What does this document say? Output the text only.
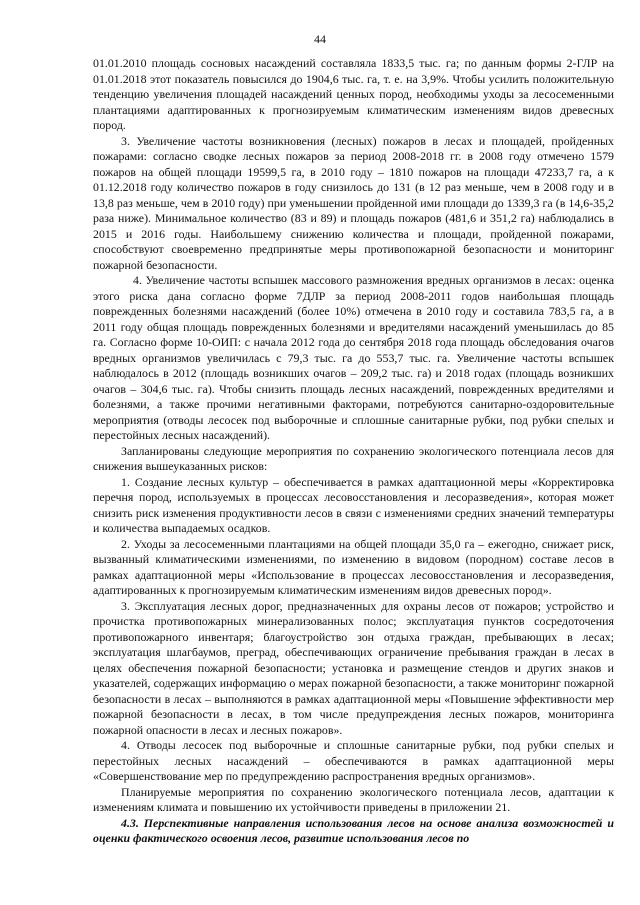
44

01.01.2010 площадь сосновых насаждений составляла 1833,5 тыс. га; по данным формы 2-ГЛР на 01.01.2018 этот показатель повысился до 1904,6 тыс. га, т. е. на 3,9%. Чтобы усилить положительную тенденцию увеличения площадей насаждений ценных пород, необходимы уходы за лесосеменными плантациями адаптированных к прогнозируемым климатическим изменениям видов древесных пород.

3. Увеличение частоты возникновения (лесных) пожаров в лесах и площадей, пройденных пожарами: согласно сводке лесных пожаров за период 2008-2018 гг. в 2008 году отмечено 1579 пожаров на общей площади 19599,5 га, в 2010 году – 1810 пожаров на площади 47233,7 га, а к 01.12.2018 году количество пожаров в году снизилось до 131 (в 12 раз меньше, чем в 2008 году и в 13,8 раз меньше, чем в 2010 году) при уменьшении пройденной ими площади до 1339,3 га (в 14,6-35,2 раза ниже). Минимальное количество (83 и 89) и площадь пожаров (481,6 и 351,2 га) наблюдались в 2015 и 2016 годы. Наибольшему снижению количества и площади, пройденной пожарами, способствуют своевременно предпринятые меры противопожарной безопасности и мониторинг пожарной безопасности.

4. Увеличение частоты вспышек массового размножения вредных организмов в лесах: оценка этого риска дана согласно форме 7ДЛР за период 2008-2011 годов наибольшая площадь поврежденных болезнями насаждений (более 10%) отмечена в 2010 году и составила 783,5 га, а в 2011 году общая площадь поврежденных болезнями и вредителями насаждений уменьшилась до 85 га. Согласно форме 10-ОИП: с начала 2012 года до сентября 2018 года площадь обследования очагов вредных организмов увеличилась с 79,3 тыс. га до 553,7 тыс. га. Увеличение частоты вспышек наблюдалось в 2012 (площадь возникших очагов – 209,2 тыс. га) и 2018 годах (площадь возникших очагов – 304,6 тыс. га). Чтобы снизить площадь лесных насаждений, поврежденных вредителями и болезнями, а также прочими негативными факторами, потребуются санитарно-оздоровительные мероприятия (отводы лесосек под выборочные и сплошные санитарные рубки, под рубки спелых и перестойных лесных насаждений).

Запланированы следующие мероприятия по сохранению экологического потенциала лесов для снижения вышеуказанных рисков:

1. Создание лесных культур – обеспечивается в рамках адаптационной меры «Корректировка перечня пород, используемых в процессах лесовосстановления и лесоразведения», которая может снизить риск изменения продуктивности лесов в связи с изменениями средних значений температуры и количества выпадаемых осадков.

2. Уходы за лесосеменными плантациями на общей площади 35,0 га – ежегодно, снижает риск, вызванный климатическими изменениями, по изменению в видовом (породном) составе лесов в рамках адаптационной меры «Использование в процессах лесовосстановления и лесоразведения, адаптированных к прогнозируемым климатическим изменениям видов древесных пород».

3. Эксплуатация лесных дорог, предназначенных для охраны лесов от пожаров; устройство и прочистка противопожарных минерализованных полос; эксплуатация пунктов сосредоточения противопожарного инвентаря; благоустройство зон отдыха граждан, пребывающих в лесах; эксплуатация шлагбаумов, преград, обеспечивающих ограничение пребывания граждан в лесах в целях обеспечения пожарной безопасности; установка и размещение стендов и других знаков и указателей, содержащих информацию о мерах пожарной безопасности, а также мониторинг пожарной безопасности в лесах – выполняются в рамках адаптационной меры «Повышение эффективности мер пожарной безопасности в лесах, в том числе предупреждения лесных пожаров, мониторинга пожарной опасности в лесах и лесных пожаров».

4. Отводы лесосек под выборочные и сплошные санитарные рубки, под рубки спелых и перестойных лесных насаждений – обеспечиваются в рамках адаптационной меры «Совершенствование мер по предупреждению распространения вредных организмов».

Планируемые мероприятия по сохранению экологического потенциала лесов, адаптации к изменениям климата и повышению их устойчивости приведены в приложении 21.

4.3. Перспективные направления использования лесов на основе анализа возможностей и оценки фактического освоения лесов, развитие использования лесов по
